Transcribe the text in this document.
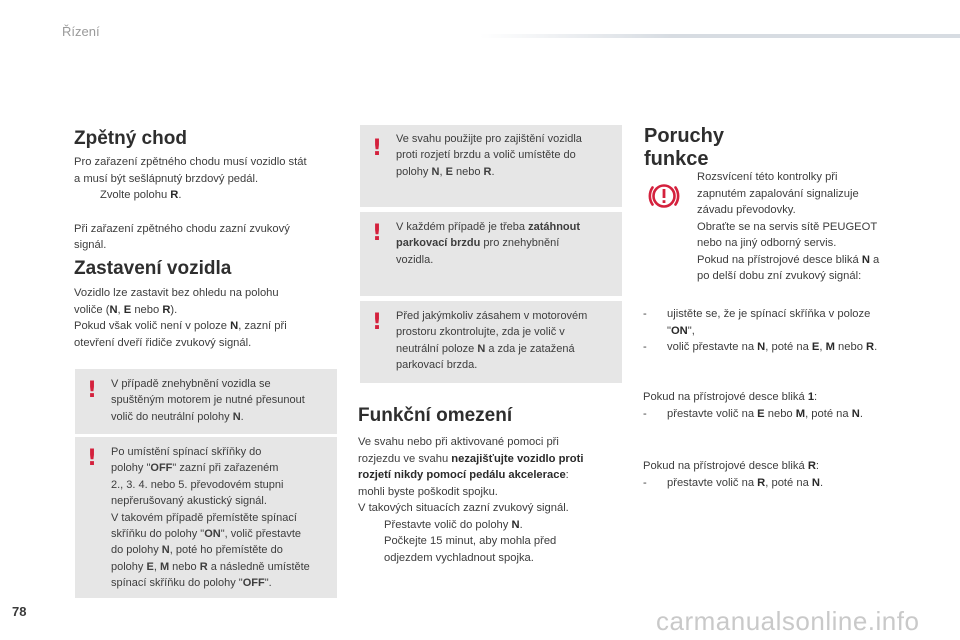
Řízení
78	carmanualsonline.info
Zpětný chod
Pro zařazení zpětného chodu musí vozidlo stát
a musí být sešlápnutý brzdový pedál.
Zvolte polohu R.
Při zařazení zpětného chodu zazní zvukový
signál.
Zastavení vozidla
Vozidlo lze zastavit bez ohledu na polohu
voliče (N, E nebo R).
Pokud však volič není v poloze N, zazní při
otevření dveří řidiče zvukový signál.
! V případě znehybnění vozidla se
spuštěným motorem je nutné přesunout
volič do neutrální polohy N.
! Po umístění spínací skříňky do
polohy "OFF" zazní při zařazeném
2., 3. 4. nebo 5. převodovém stupni
nepřerušovaný akustický signál.
V takovém případě přemístěte spínací
skříňku do polohy "ON", volič přestavte
do polohy N, poté ho přemístěte do
polohy E, M nebo R a následně umístěte
spínací skříňku do polohy "OFF".
! Ve svahu použijte pro zajištění vozidla
proti rozjetí brzdu a volič umístěte do
polohy N, E nebo R.
! V každém případě je třeba zatáhnout
parkovací brzdu pro znehybnění
vozidla.
! Před jakýmkoliv zásahem v motorovém
prostoru zkontrolujte, zda je volič v
neutrální poloze N a zda je zatažená
parkovací brzda.
Funkční omezení
Ve svahu nebo při aktivované pomoci při
rozjezdu ve svahu nezajišťujte vozidlo proti
rozjetí nikdy pomocí pedálu akcelerace:
mohli byste poškodit spojku.
V takových situacích zazní zvukový signál.
Přestavte volič do polohy N.
Počkejte 15 minut, aby mohla před
odjezdem vychladnout spojka.
Poruchy
funkce
Rozsvícení této kontrolky při
zapnutém zapalování signalizuje
závadu převodovky.
Obraťte se na servis sítě PEUGEOT
nebo na jiný odborný servis.
Pokud na přístrojové desce bliká N a
po delší dobu zní zvukový signál:
- ujistěte se, že je spínací skříňka v poloze
"ON",
- volič přestavte na N, poté na E, M nebo R.
Pokud na přístrojové desce bliká 1:
- přestavte volič na E nebo M, poté na N.
Pokud na přístrojové desce bliká R:
- přestavte volič na R, poté na N.
